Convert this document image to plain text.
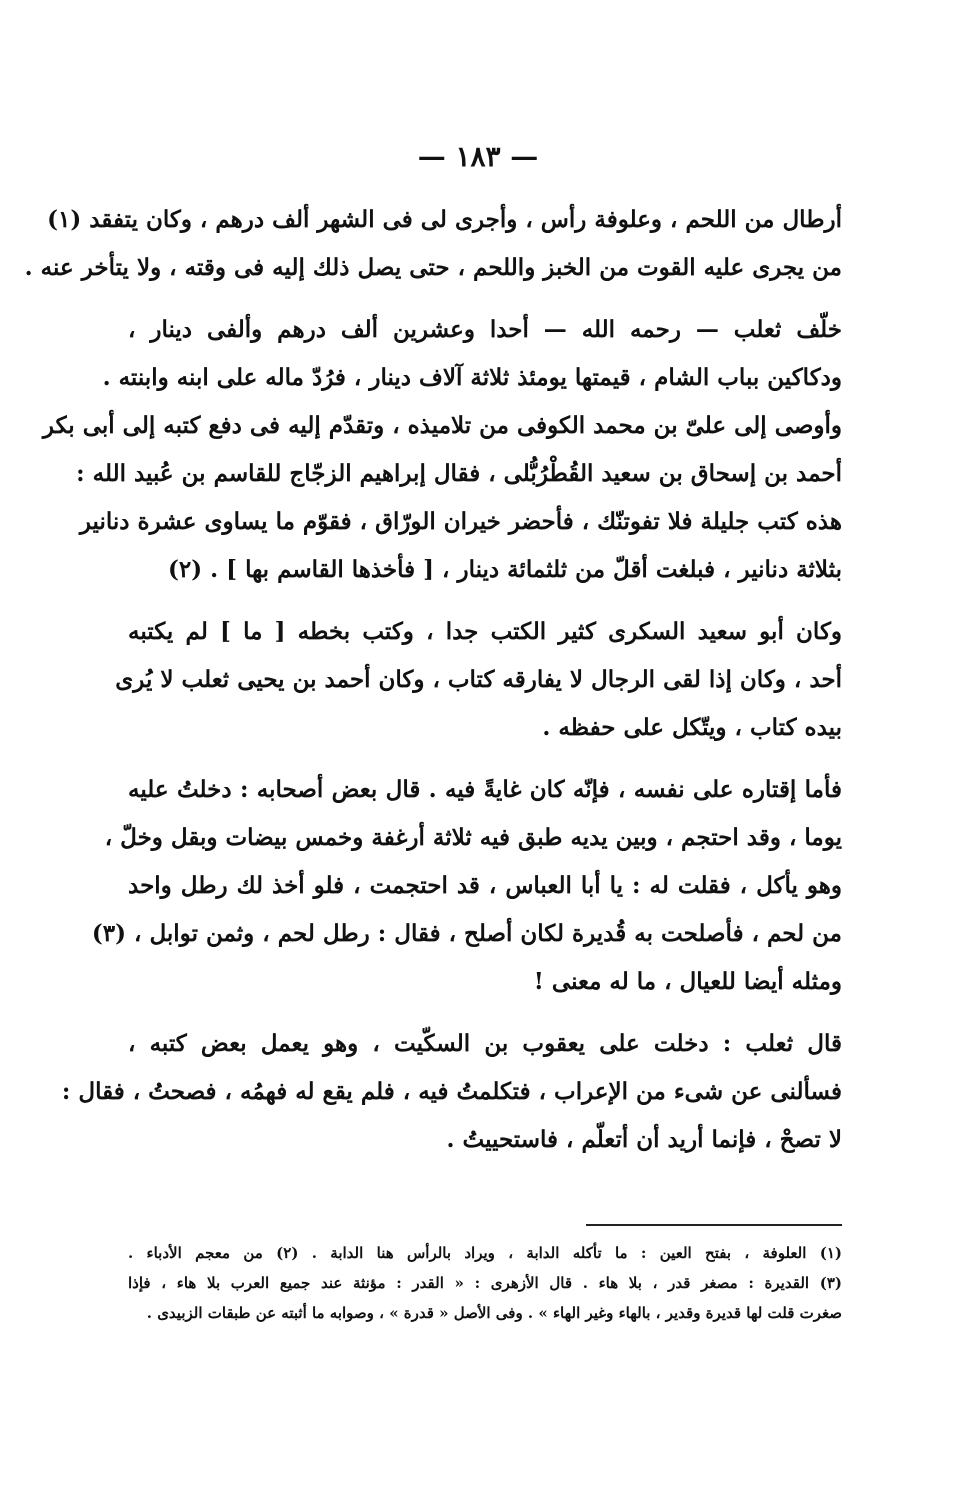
— ١٨٣ —
أرطال من اللحم ، وعلوفة رأس ، وأجرى لى فى الشهر ألف درهم ، وكان يتفقد (١)
من يجرى عليه القوت من الخبز واللحم ، حتى يصل ذلك إليه فى وقته ، ولا يتأخر عنه .
خلّف ثعلب — رحمه الله — أحدا وعشرين ألف درهم وألفى دينار ،
ودكاكين بباب الشام ، قيمتها يومئذ ثلاثة آلاف دينار ، فرُدّ ماله على ابنه وابنته .
وأوصى إلى علىّ بن محمد الكوفى من تلاميذه ، وتقدّم إليه فى دفع كتبه إلى أبى بكر
أحمد بن إسحاق بن سعيد القُطْرُبُّلى ، فقال إبراهيم الزجّاج للقاسم بن عُبيد الله :
هذه كتب جليلة فلا تفوتنّك ، فأحضر خيران الورّاق ، فقوّم ما يساوى عشرة دنانير
بثلاثة دنانير ، فبلغت أقلّ من ثلثمائة دينار ، [ فأخذها القاسم بها ] . (٢)
وكان أبو سعيد السكرى كثير الكتب جدا ، وكتب بخطه [ ما ] لم يكتبه
أحد ، وكان إذا لقى الرجال لا يفارقه كتاب ، وكان أحمد بن يحيى ثعلب لا يُرى
بيده كتاب ، ويتّكل على حفظه .
فأما إقتاره على نفسه ، فإنّه كان غايةً فيه . قال بعض أصحابه : دخلتُ عليه
يوما ، وقد احتجم ، وبين يديه طبق فيه ثلاثة أرغفة وخمس بيضات وبقل وخلّ ،
وهو يأكل ، فقلت له : يا أبا العباس ، قد احتجمت ، فلو أخذ لك رطل واحد
من لحم ، فأصلحت به قُديرة لكان أصلح ، فقال : رطل لحم ، وثمن توابل ، (٣)
ومثله أيضا للعيال ، ما له معنى !
قال ثعلب : دخلت على يعقوب بن السكّيت ، وهو يعمل بعض كتبه ،
فسألنى عن شىء من الإعراب ، فتكلمتُ فيه ، فلم يقع له فهمُه ، فصحتُ ، فقال :
لا تصحْ ، فإنما أريد أن أتعلّم ، فاستحييتُ .
(١) العلوفة ، بفتح العين : ما تأكله الدابة ، ويراد بالرأس هنا الدابة . (٢) من معجم الأدباء .
(٣) القديرة : مصغر قدر ، بلا هاء . قال الأزهرى : « القدر : مؤنثة عند جميع العرب بلا هاء ، فإذا
صغرت قلت لها قديرة وقدير ، بالهاء وغير الهاء » . وفى الأصل « قدرة » ، وصوابه ما أثبته عن طبقات الزبيدى .
